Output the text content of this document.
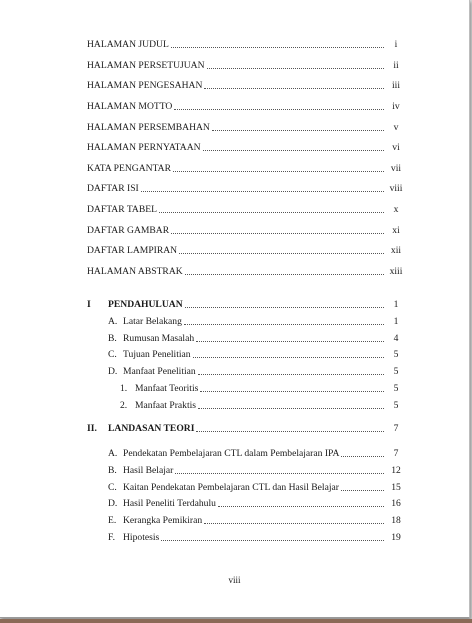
HALAMAN JUDUL	i
HALAMAN PERSETUJUAN	ii
HALAMAN PENGESAHAN	iii
HALAMAN MOTTO	iv
HALAMAN PERSEMBAHAN	v
HALAMAN PERNYATAAN	vi
KATA PENGANTAR	vii
DAFTAR ISI	viii
DAFTAR TABEL	x
DAFTAR GAMBAR	xi
DAFTAR LAMPIRAN	xii
HALAMAN ABSTRAK	xiii
I	PENDAHULUAN	1
A. Latar Belakang	1
B. Rumusan Masalah	4
C. Tujuan Penelitian	5
D. Manfaat Penelitian	5
1. Manfaat Teoritis	5
2. Manfaat Praktis	5
II.	LANDASAN TEORI	7
A. Pendekatan Pembelajaran CTL dalam Pembelajaran IPA	7
B. Hasil Belajar	12
C. Kaitan Pendekatan Pembelajaran CTL dan Hasil Belajar	15
D. Hasil Peneliti Terdahulu	16
E. Kerangka Pemikiran	18
F. Hipotesis	19
viii
